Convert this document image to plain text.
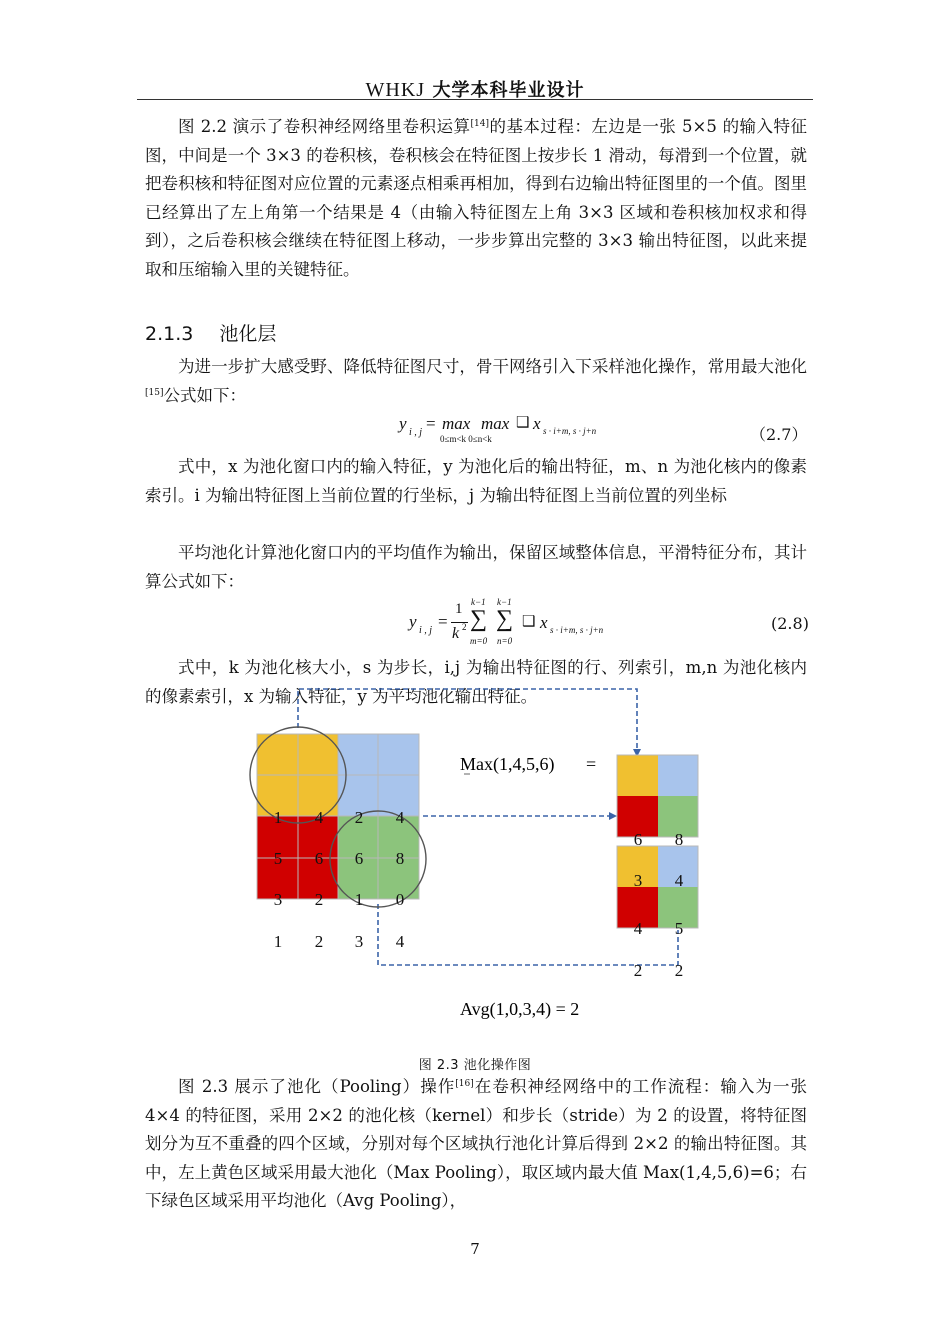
WHKJ 大学本科毕业设计
图 2.2 演示了卷积神经网络里卷积运算[14]的基本过程：左边是一张 5×5 的输入特征图，中间是一个 3×3 的卷积核，卷积核会在特征图上按步长 1 滑动，每滑到一个位置，就把卷积核和特征图对应位置的元素逐点相乘再相加，得到右边输出特征图里的一个值。图里已经算出了左上角第一个结果是 4（由输入特征图左上角 3×3 区域和卷积核加权求和得到），之后卷积核会继续在特征图上移动，一步步算出完整的 3×3 输出特征图，以此来提取和压缩输入里的关键特征。
2.1.3 池化层
为进一步扩大感受野、降低特征图尺寸，骨干网络引入下采样池化操作，常用最大池化[15]公式如下：
y i , j = max max
0≤m<k 0≤n<k
❑ x s · i+m, s · j+n	（2.7）
式中，x 为池化窗口内的输入特征，y 为池化后的输出特征，m、n 为池化核内的像素索引。i 为输出特征图上当前位置的行坐标，j 为输出特征图上当前位置的列坐标
平均池化计算池化窗口内的平均值作为输出，保留区域整体信息，平滑特征分布，其计算公式如下：
y i , j =
1
k 2
k−1
∑
m=0
k−1
∑
n=0
❑ x s · i+m, s · j+n	(2.8)
式中，k 为池化核大小，s 为步长，i,j 为输出特征图的行、列索引，m,n 为池化核内的像素索引，x 为输入特征，y 为平均池化输出特征。
1 4 2 4
5 6 6 8
3 2 1 0
1 2 3 4
6 8
3 4
4 5
2 2
Max(1,4,5,6) =
Avg(1,0,3,4) = 2
图 2.3 池化操作图
图 2.3 展示了池化（Pooling）操作[16]在卷积神经网络中的工作流程：输入为一张 4×4 的特征图，采用 2×2 的池化核（kernel）和步长（stride）为 2 的设置，将特征图划分为互不重叠的四个区域，分别对每个区域执行池化计算后得到 2×2 的输出特征图。其中，左上黄色区域采用最大池化（Max Pooling），取区域内最大值 Max(1,4,5,6)=6；右下绿色区域采用平均池化（Avg Pooling），
7
